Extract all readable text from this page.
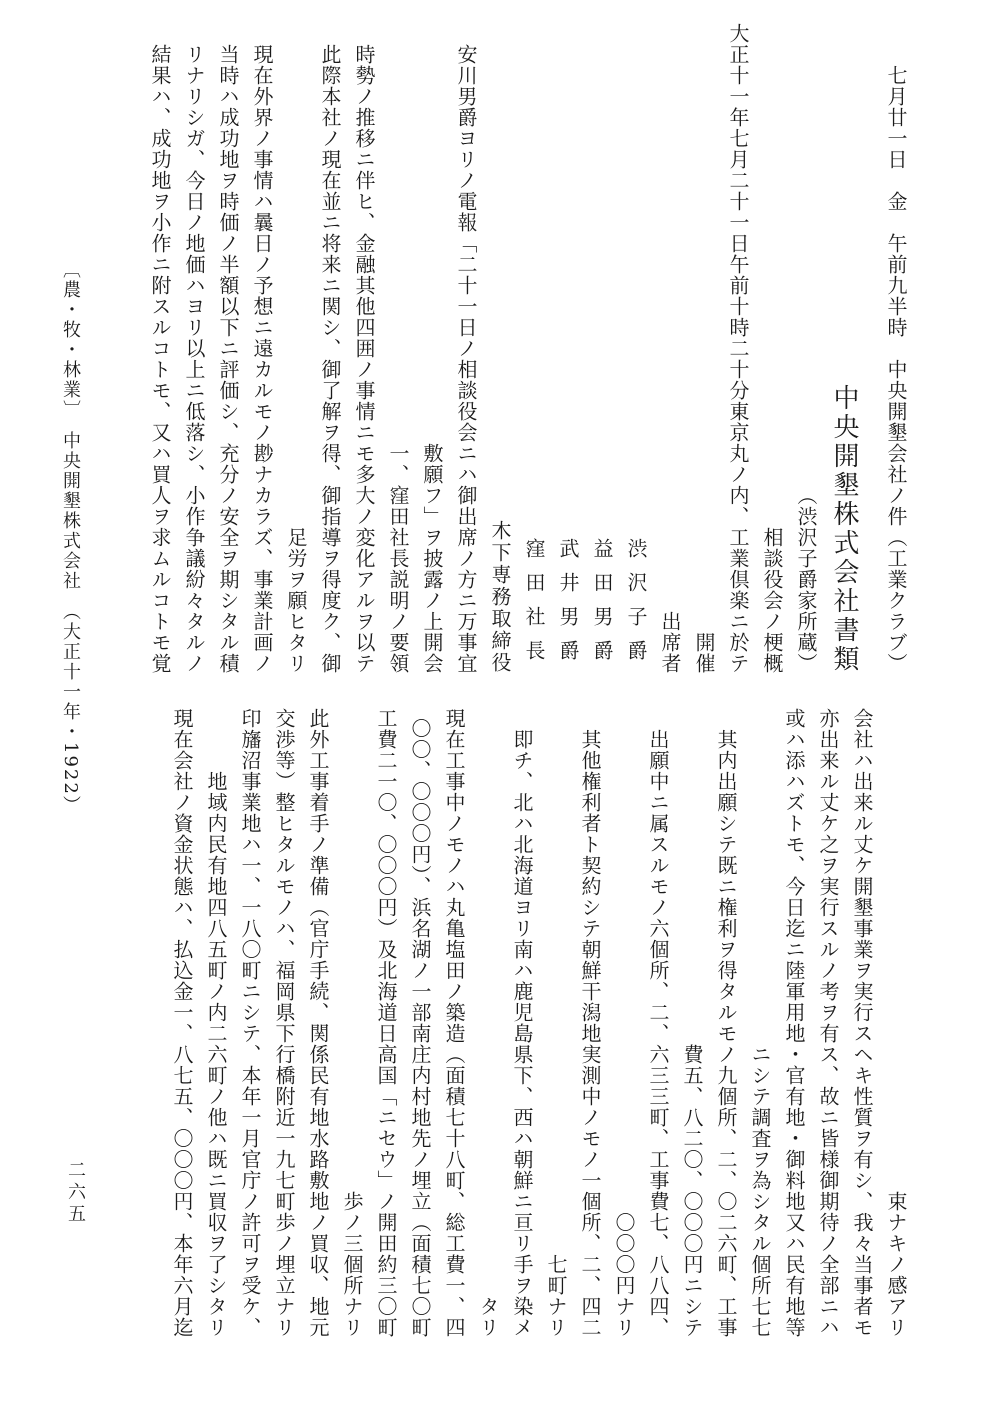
七月廿一日　金　午前九半時　中央開墾会社ノ件（工業クラブ）
中央開墾株式会社書類
（渋沢子爵家所蔵）
相談役会ノ梗概
大正十一年七月二十一日午前十時二十分東京丸ノ内、工業倶楽ニ於テ
開催
出席者
渋沢子爵
益田男爵
武井男爵
窪田社長
木下専務取締役
安川男爵ヨリノ電報「二十一日ノ相談役会ニハ御出席ノ方ニ万事宜
敷願フ」ヲ披露ノ上開会
一、窪田社長説明ノ要領
時勢ノ推移ニ伴ヒ、金融其他四囲ノ事情ニモ多大ノ変化アルヲ以テ
此際本社ノ現在並ニ将来ニ関シ、御了解ヲ得、御指導ヲ得度ク、御
足労ヲ願ヒタリ
現在外界ノ事情ハ曩日ノ予想ニ遠カルモノ尠ナカラズ、事業計画ノ
当時ハ成功地ヲ時価ノ半額以下ニ評価シ、充分ノ安全ヲ期シタル積
リナリシガ、今日ノ地価ハヨリ以上ニ低落シ、小作争議紛々タルノ
結果ハ、成功地ヲ小作ニ附スルコトモ、又ハ買人ヲ求ムルコトモ覚
〔農・牧・林業〕　中央開墾株式会社　（大正十一年・1922）
束ナキノ感アリ
会社ハ出来ル丈ケ開墾事業ヲ実行スヘキ性質ヲ有シ、我々当事者モ
亦出来ル丈ケ之ヲ実行スルノ考ヲ有ス、故ニ皆様御期待ノ全部ニハ
或ハ添ハズトモ、今日迄ニ陸軍用地・官有地・御料地又ハ民有地等
ニシテ調査ヲ為シタル個所七七
其内出願シテ既ニ権利ヲ得タルモノ九個所、二、〇二六町、工事
費五、八二〇、〇〇〇円ニシテ
出願中ニ属スルモノ六個所、二、六三三町、工事費七、八八四、
〇〇〇円ナリ
其他権利者ト契約シテ朝鮮干潟地実測中ノモノ一個所、二、四二
七町ナリ
即チ、北ハ北海道ヨリ南ハ鹿児島県下、西ハ朝鮮ニ亘リ手ヲ染メ
タリ
現在工事中ノモノハ丸亀塩田ノ築造（面積七十八町、総工費一、四
〇〇、〇〇〇円）、浜名湖ノ一部南庄内村地先ノ埋立（面積七〇町
工費二一〇、〇〇〇円）及北海道日高国「ニセウ」ノ開田約三〇町
歩ノ三個所ナリ
此外工事着手ノ準備（官庁手続、関係民有地水路敷地ノ買収、地元
交渉等）整ヒタルモノハ、福岡県下行橋附近一九七町歩ノ埋立ナリ
印旛沼事業地ハ一、一八〇町ニシテ、本年一月官庁ノ許可ヲ受ケ、
地域内民有地四八五町ノ内二六町ノ他ハ既ニ買収ヲ了シタリ
現在会社ノ資金状態ハ、払込金一、八七五、〇〇〇円、本年六月迄
二六五
